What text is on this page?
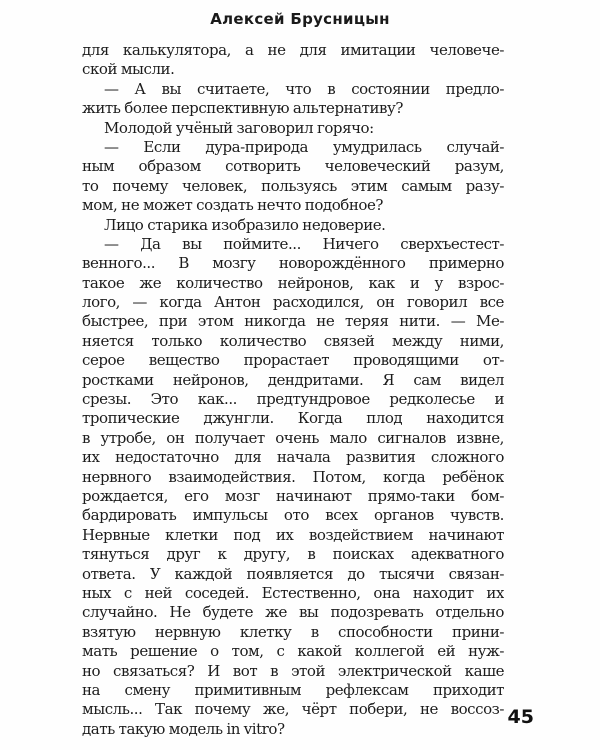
Алексей Брусницын
для калькулятора, а не для имитации человече-
ской мысли.
— А вы считаете, что в состоянии предло-
жить более перспективную альтернативу?
Молодой учёный заговорил горячо:
— Если дура-природа умудрилась случай-
ным образом сотворить человеческий разум,
то почему человек, пользуясь этим самым разу-
мом, не может создать нечто подобное?
Лицо старика изобразило недоверие.
— Да вы поймите... Ничего сверхъестест-
венного... В мозгу новорождённого примерно
такое же количество нейронов, как и у взрос-
лого, — когда Антон расходился, он говорил все
быстрее, при этом никогда не теряя нити. — Ме-
няется только количество связей между ними,
серое вещество прорастает проводящими от-
ростками нейронов, дендритами. Я сам видел
срезы. Это как... предтундровое редколесье и
тропические джунгли. Когда плод находится
в утробе, он получает очень мало сигналов извне,
их недостаточно для начала развития сложного
нервного взаимодействия. Потом, когда ребёнок
рождается, его мозг начинают прямо-таки бом-
бардировать импульсы ото всех органов чувств.
Нервные клетки под их воздействием начинают
тянуться друг к другу, в поисках адекватного
ответа. У каждой появляется до тысячи связан-
ных с ней соседей. Естественно, она находит их
случайно. Не будете же вы подозревать отдельно
взятую нервную клетку в способности прини-
мать решение о том, с какой коллегой ей нуж-
но связаться? И вот в этой электрической каше
на смену примитивным рефлексам приходит
мысль... Так почему же, чёрт побери, не воссоз-
дать такую модель in vitro?
45
